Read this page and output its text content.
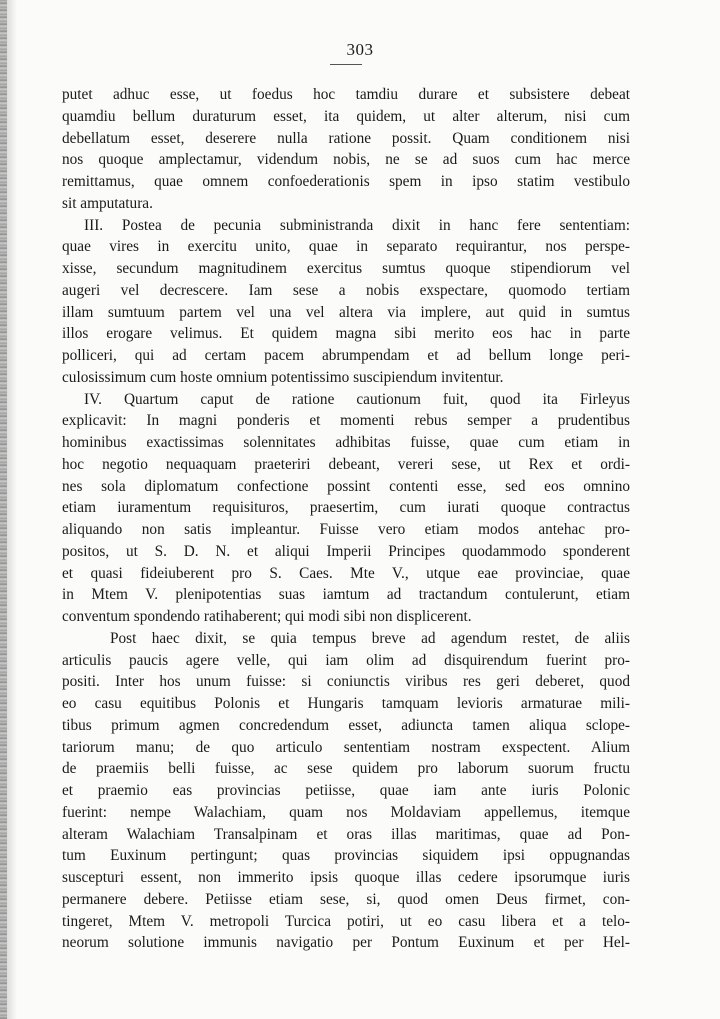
303
putet adhuc esse, ut foedus hoc tamdiu durare et subsistere debeat
quamdiu bellum duraturum esset, ita quidem, ut alter alterum, nisi cum
debellatum esset, deserere nulla ratione possit. Quam conditionem nisi
nos quoque amplectamur, videndum nobis, ne se ad suos cum hac merce
remittamus, quae omnem confoederationis spem in ipso statim vestibulo
sit amputatura.
III. Postea de pecunia subministranda dixit in hanc fere sententiam:
quae vires in exercitu unito, quae in separato requirantur, nos perspe-
xisse, secundum magnitudinem exercitus sumtus quoque stipendiorum vel
augeri vel decrescere. Iam sese a nobis exspectare, quomodo tertiam
illam sumtuum partem vel una vel altera via implere, aut quid in sumtus
illos erogare velimus. Et quidem magna sibi merito eos hac in parte
polliceri, qui ad certam pacem abrumpendam et ad bellum longe peri-
culosissimum cum hoste omnium potentissimo suscipiendum invitentur.
IV. Quartum caput de ratione cautionum fuit, quod ita Firleyus
explicavit: In magni ponderis et momenti rebus semper a prudentibus
hominibus exactissimas solennitates adhibitas fuisse, quae cum etiam in
hoc negotio nequaquam praeteriri debeant, vereri sese, ut Rex et ordi-
nes sola diplomatum confectione possint contenti esse, sed eos omnino
etiam iuramentum requisituros, praesertim, cum iurati quoque contractus
aliquando non satis impleantur. Fuisse vero etiam modos antehac pro-
positos, ut S. D. N. et aliqui Imperii Principes quodammodo sponderent
et quasi fideiuberent pro S. Caes. Mte V., utque eae provinciae, quae
in Mtem V. plenipotentias suas iamtum ad tractandum contulerunt, etiam
conventum spondendo ratihaberent; qui modi sibi non displicerent.
Post haec dixit, se quia tempus breve ad agendum restet, de aliis
articulis paucis agere velle, qui iam olim ad disquirendum fuerint pro-
positi. Inter hos unum fuisse: si coniunctis viribus res geri deberet, quod
eo casu equitibus Polonis et Hungaris tamquam levioris armaturae mili-
tibus primum agmen concredendum esset, adiuncta tamen aliqua sclope-
tariorum manu; de quo articulo sententiam nostram exspectent. Alium
de praemiis belli fuisse, ac sese quidem pro laborum suorum fructu
et praemio eas provincias petiisse, quae iam ante iuris Polonic
fuerint: nempe Walachiam, quam nos Moldaviam appellemus, itemque
alteram Walachiam Transalpinam et oras illas maritimas, quae ad Pon-
tum Euxinum pertingunt; quas provincias siquidem ipsi oppugnandas
suscepturi essent, non immerito ipsis quoque illas cedere ipsorumque iuris
permanere debere. Petiisse etiam sese, si, quod omen Deus firmet, con-
tingeret, Mtem V. metropoli Turcica potiri, ut eo casu libera et a telo-
neorum solutione immunis navigatio per Pontum Euxinum et per Hel-
